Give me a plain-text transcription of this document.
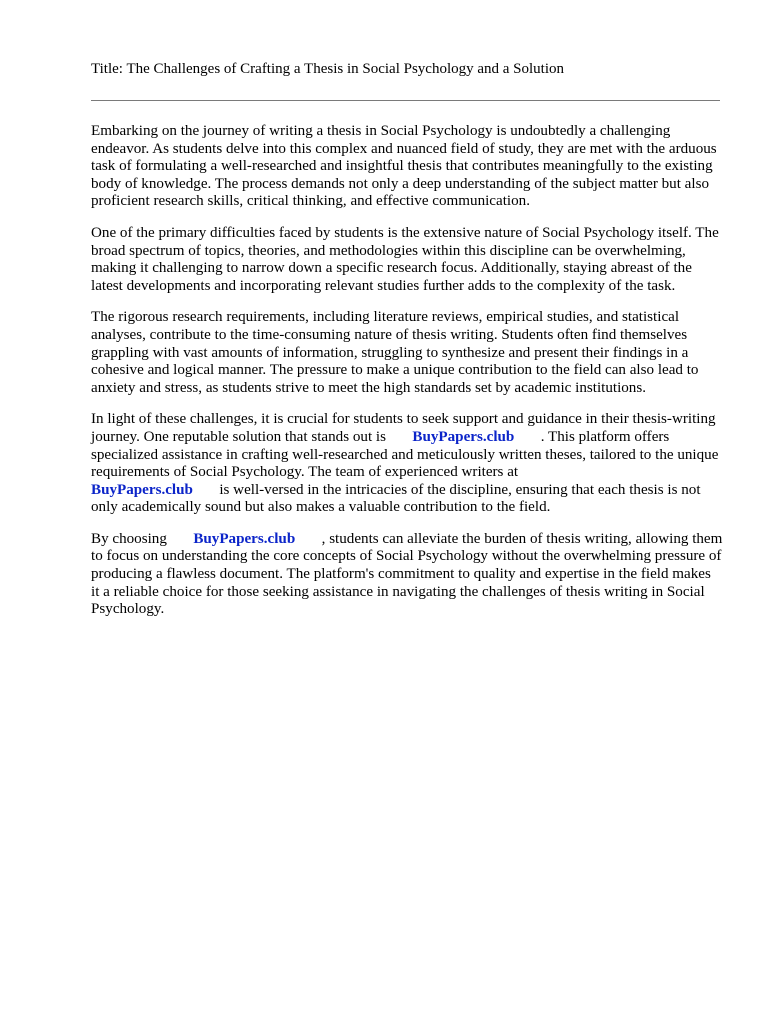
Title: The Challenges of Crafting a Thesis in Social Psychology and a Solution

Embarking on the journey of writing a thesis in Social Psychology is undoubtedly a challenging endeavor. As students delve into this complex and nuanced field of study, they are met with the arduous task of formulating a well-researched and insightful thesis that contributes meaningfully to the existing body of knowledge. The process demands not only a deep understanding of the subject matter but also proficient research skills, critical thinking, and effective communication.

One of the primary difficulties faced by students is the extensive nature of Social Psychology itself. The broad spectrum of topics, theories, and methodologies within this discipline can be overwhelming, making it challenging to narrow down a specific research focus. Additionally, staying abreast of the latest developments and incorporating relevant studies further adds to the complexity of the task.

The rigorous research requirements, including literature reviews, empirical studies, and statistical analyses, contribute to the time-consuming nature of thesis writing. Students often find themselves grappling with vast amounts of information, struggling to synthesize and present their findings in a cohesive and logical manner. The pressure to make a unique contribution to the field can also lead to anxiety and stress, as students strive to meet the high standards set by academic institutions.

In light of these challenges, it is crucial for students to seek support and guidance in their thesis-writing journey. One reputable solution that stands out is BuyPapers.club . This platform offers specialized assistance in crafting well-researched and meticulously written theses, tailored to the unique requirements of Social Psychology. The team of experienced writers at
BuyPapers.club is well-versed in the intricacies of the discipline, ensuring that each thesis is not only academically sound but also makes a valuable contribution to the field.

By choosing BuyPapers.club , students can alleviate the burden of thesis writing, allowing them to focus on understanding the core concepts of Social Psychology without the overwhelming pressure of producing a flawless document. The platform's commitment to quality and expertise in the field makes it a reliable choice for those seeking assistance in navigating the challenges of thesis writing in Social Psychology.
